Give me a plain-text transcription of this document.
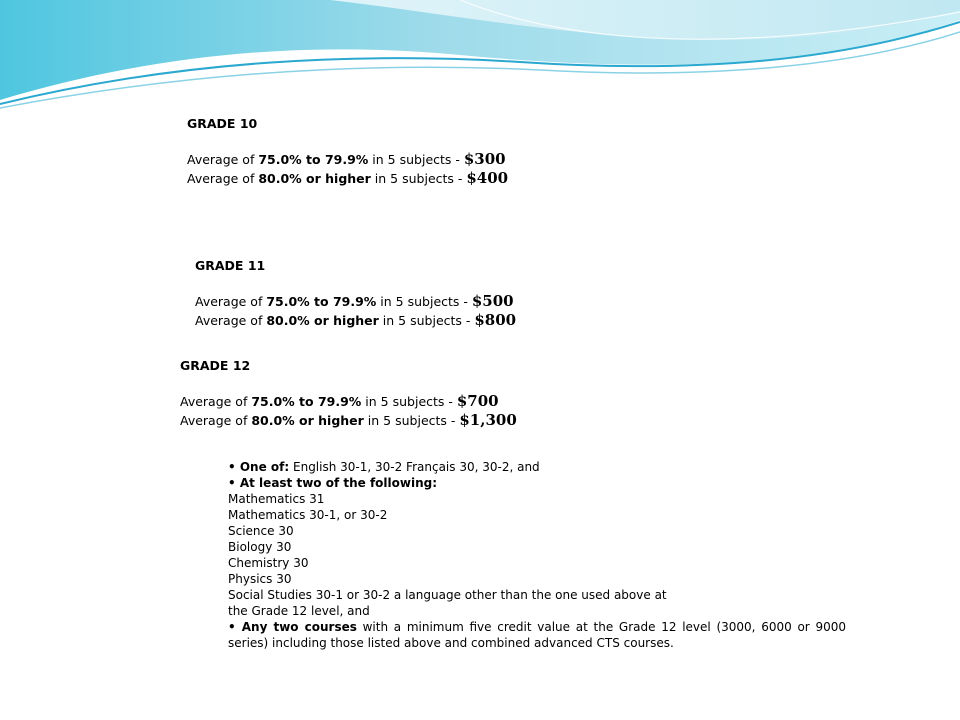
GRADE 10
Average of 75.0% to 79.9% in 5 subjects - $300
Average of 80.0% or higher in 5 subjects - $400
GRADE 11
Average of 75.0% to 79.9% in 5 subjects - $500
Average of 80.0% or higher in 5 subjects - $800
GRADE 12
Average of 75.0% to 79.9% in 5 subjects - $700
Average of 80.0% or higher in 5 subjects - $1,300
• One of: English 30-1, 30-2 Français 30, 30-2, and
• At least two of the following:
Mathematics 31
Mathematics 30-1, or 30-2
Science 30
Biology 30
Chemistry 30
Physics 30
Social Studies 30-1 or 30-2 a language other than the one used above at
the Grade 12 level, and
• Any two courses with a minimum five credit value at the Grade 12 level (3000, 6000 or 9000 series) including those listed above and combined advanced CTS courses.
